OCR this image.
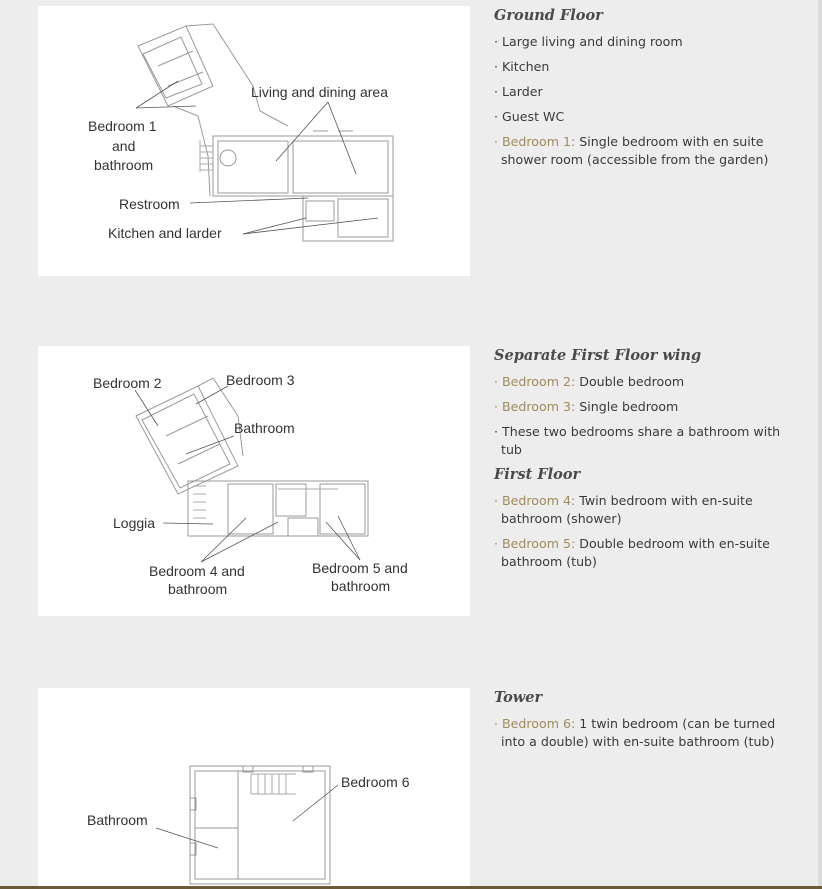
Bedroom 1
and
bathroom
Living and dining area
Restroom
Kitchen and larder
Bedroom 2	Bedroom 3
Bathroom
Loggia
Bedroom 4 and
bathroom
Bedroom 5 and
bathroom
Bedroom 6
Bathroom
Ground Floor
· Large living and dining room
· Kitchen
· Larder
· Guest WC
· Bedroom 1: Single bedroom with en suite shower room (accessible from the garden)
Separate First Floor wing
· Bedroom 2: Double bedroom
· Bedroom 3: Single bedroom
· These two bedrooms share a bathroom with tub
First Floor
· Bedroom 4: Twin bedroom with en-suite bathroom (shower)
· Bedroom 5: Double bedroom with en-suite bathroom (tub)
Tower
· Bedroom 6: 1 twin bedroom (can be turned into a double) with en-suite bathroom (tub)
